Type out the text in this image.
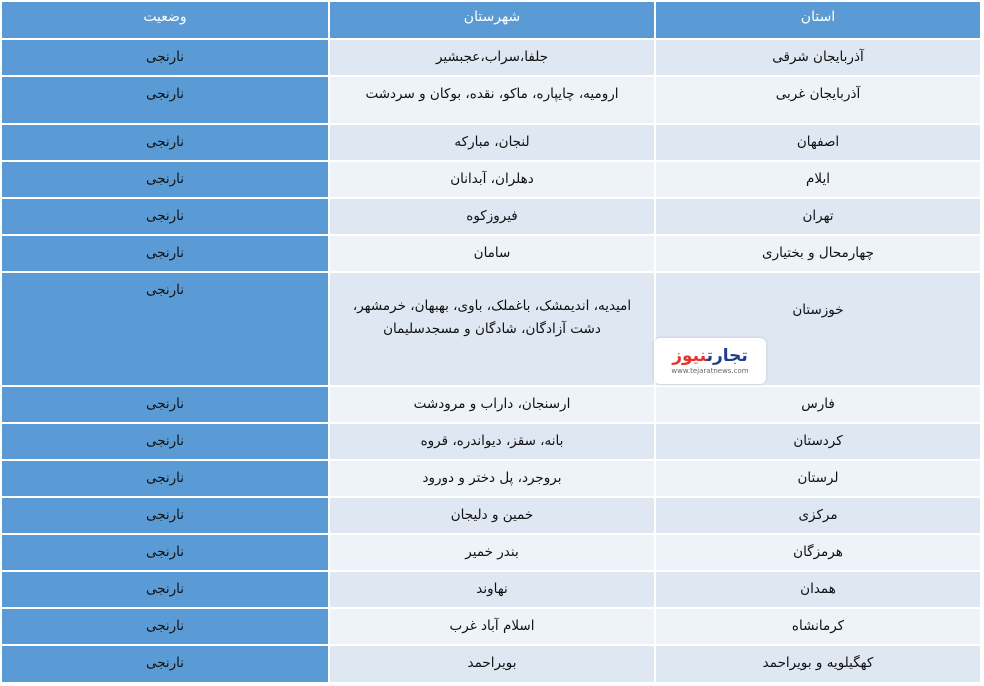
استان
شهرستان
وضعیت
آذربایجان شرقی
جلفا،سراب،عجبشیر
نارنجی
آذربایجان غربی
ارومیه، چایپاره، ماکو، نقده، بوکان و سردشت
نارنجی
اصفهان
لنجان، مبارکه
نارنجی
ایلام
دهلران، آبدانان
نارنجی
تهران
فیروزکوه
نارنجی
چهارمحال و بختیاری
سامان
نارنجی
خوزستان
امیدیه، اندیمشک، باغملک، باوی، بهبهان، خرمشهر، دشت آزادگان، شادگان و مسجدسلیمان
نارنجی
فارس
ارسنجان، داراب و مرودشت
نارنجی
کردستان
بانه، سقز، دیواندره، قروه
نارنجی
لرستان
بروجرد، پل دختر و دورود
نارنجی
مرکزی
خمین و دلیجان
نارنجی
هرمزگان
بندر خمیر
نارنجی
همدان
نهاوند
نارنجی
کرمانشاه
اسلام آباد غرب
نارنجی
کهگیلویه و بویراحمد
بویراحمد
نارنجی
تجارتنیوز
www.tejaratnews.com
